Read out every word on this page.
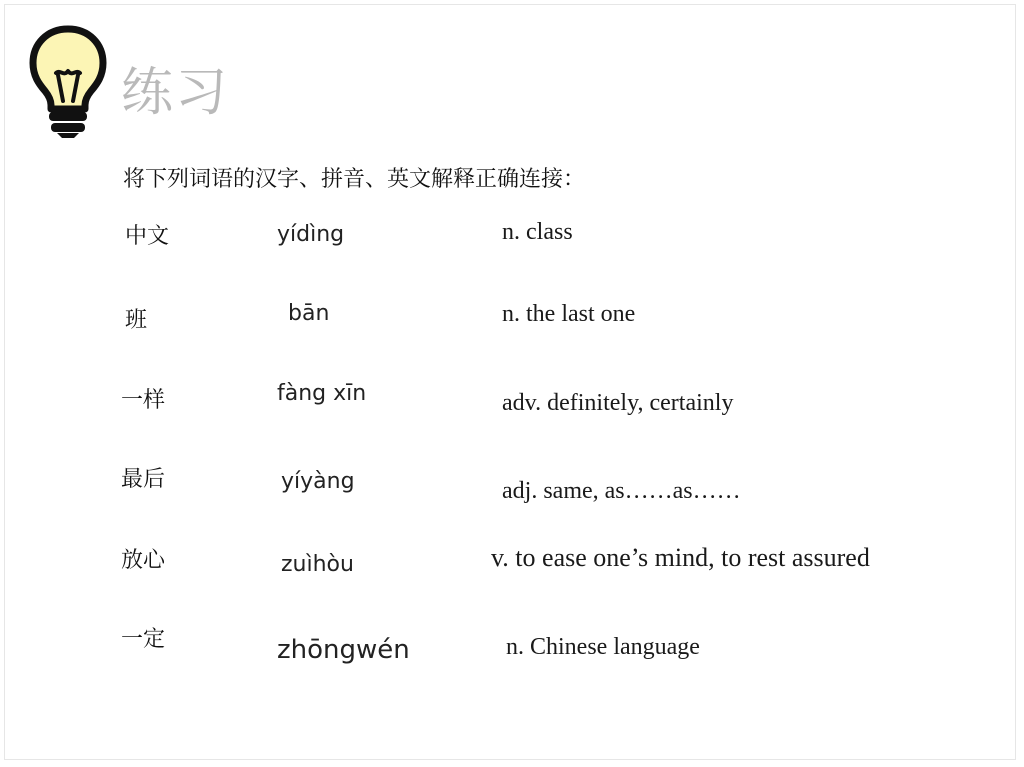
练习
将下列词语的汉字、拼音、英文解释正确连接：
中文
班
一样
最后
放心
一定
yídìng
bān
fàng xīn
yíyàng
zuìhòu
zhōngwén
n. class
n. the last one
adv. definitely, certainly
adj. same, as……as……
v. to ease one’s mind, to rest assured
n. Chinese language
